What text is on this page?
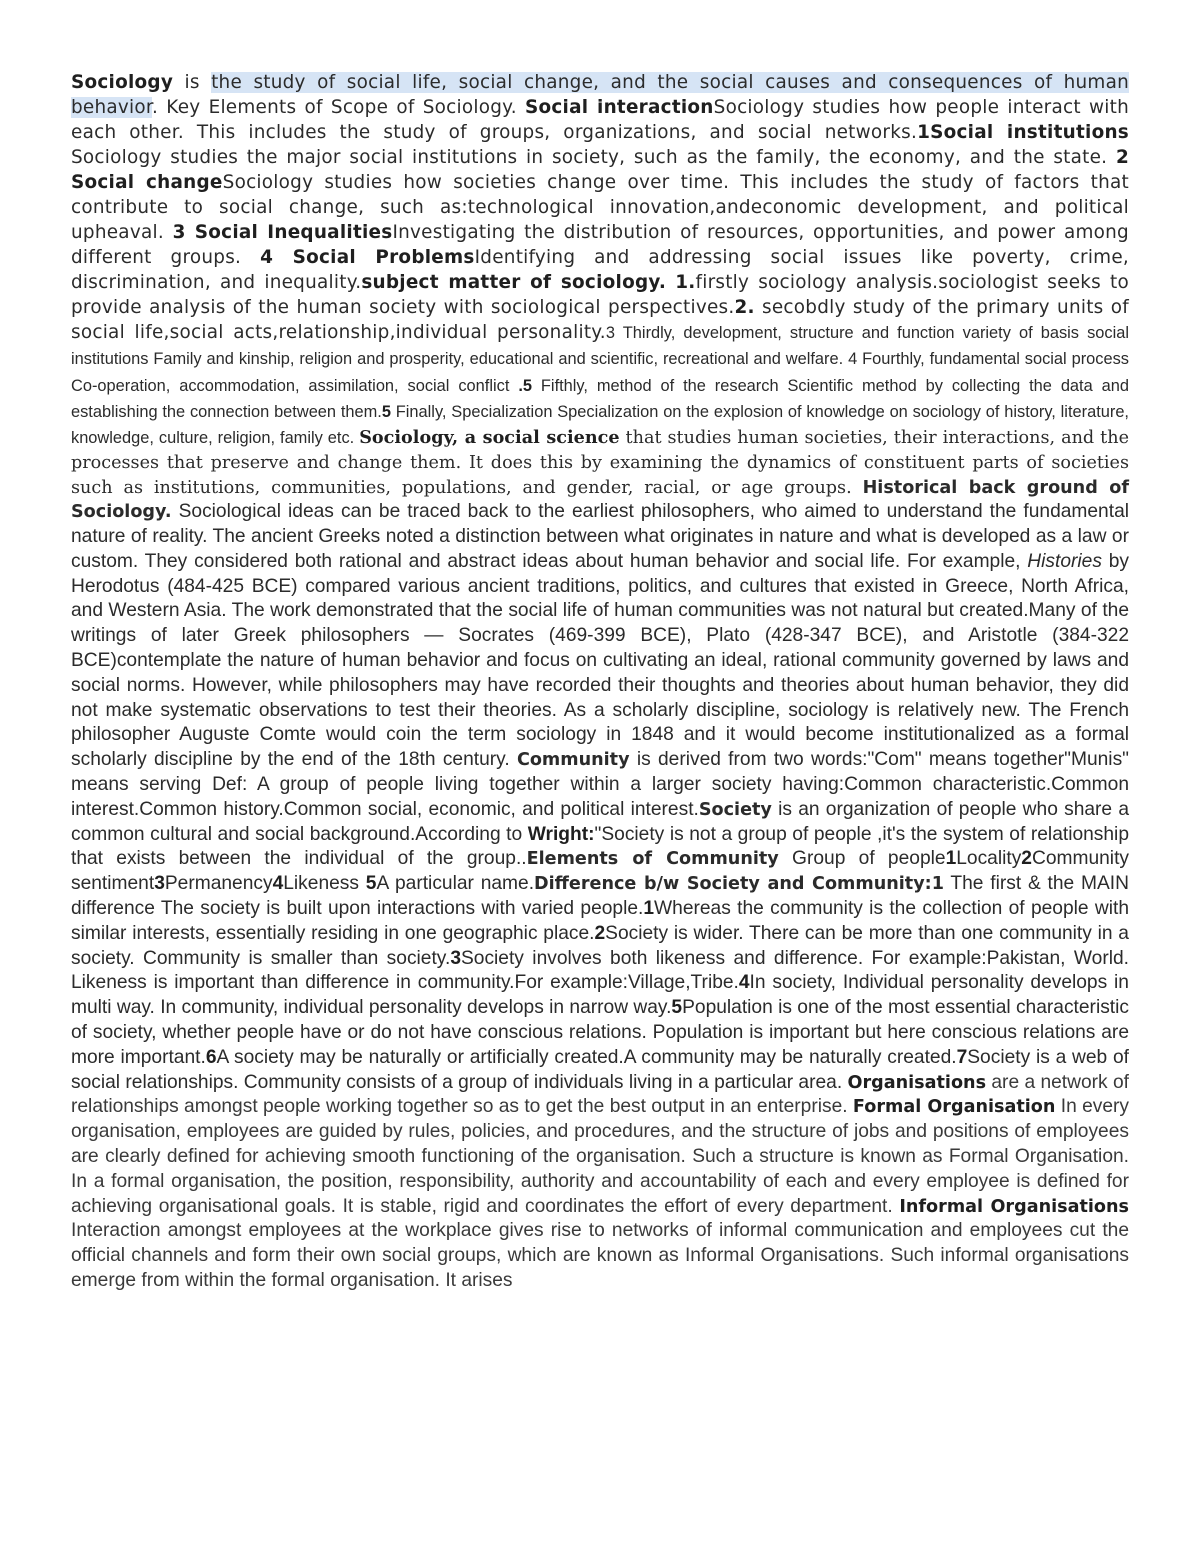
Sociology is the study of social life, social change, and the social causes and consequences of human behavior. Key Elements of Scope of Sociology. Social interactionSociology studies how people interact with each other. This includes the study of groups, organizations, and social networks.1Social institutions Sociology studies the major social institutions in society, such as the family, the economy, and the state. 2 Social changeSociology studies how societies change over time. This includes the study of factors that contribute to social change, such as:technological innovation,andeconomic development, and political upheaval. 3 Social InequalitiesInvestigating the distribution of resources, opportunities, and power among different groups. 4 Social ProblemsIdentifying and addressing social issues like poverty, crime, discrimination, and inequality.subject matter of sociology. 1.firstly sociology analysis.sociologist seeks to provide analysis of the human society with sociological perspectives.2. secobdly study of the primary units of social life,social acts,relationship,individual personality.3 Thirdly, development, structure and function variety of basis social institutions Family and kinship, religion and prosperity, educational and scientific, recreational and welfare. 4 Fourthly, fundamental social process Co-operation, accommodation, assimilation, social conflict .5 Fifthly, method of the research Scientific method by collecting the data and establishing the connection between them.5 Finally, Specialization Specialization on the explosion of knowledge on sociology of history, literature, knowledge, culture, religion, family etc. Sociology, a social science that studies human societies, their interactions, and the processes that preserve and change them. It does this by examining the dynamics of constituent parts of societies such as institutions, communities, populations, and gender, racial, or age groups. Historical back ground of Sociology. Sociological ideas can be traced back to the earliest philosophers, who aimed to understand the fundamental nature of reality. The ancient Greeks noted a distinction between what originates in nature and what is developed as a law or custom. They considered both rational and abstract ideas about human behavior and social life. For example, Histories by Herodotus (484-425 BCE) compared various ancient traditions, politics, and cultures that existed in Greece, North Africa, and Western Asia. The work demonstrated that the social life of human communities was not natural but created.Many of the writings of later Greek philosophers — Socrates (469-399 BCE), Plato (428-347 BCE), and Aristotle (384-322 BCE)contemplate the nature of human behavior and focus on cultivating an ideal, rational community governed by laws and social norms. However, while philosophers may have recorded their thoughts and theories about human behavior, they did not make systematic observations to test their theories. As a scholarly discipline, sociology is relatively new. The French philosopher Auguste Comte would coin the term sociology in 1848 and it would become institutionalized as a formal scholarly discipline by the end of the 18th century. Community is derived from two words:"Com" means together"Munis" means serving Def: A group of people living together within a larger society having:Common characteristic.Common interest.Common history.Common social, economic, and political interest.Society is an organization of people who share a common cultural and social background.According to Wright:"Society is not a group of people ,it's the system of relationship that exists between the individual of the group..Elements of Community Group of people1Locality2Community sentiment3Permanency4Likeness 5A particular name.Difference b/w Society and Community:1 The first & the MAIN difference The society is built upon interactions with varied people.1Whereas the community is the collection of people with similar interests, essentially residing in one geographic place.2Society is wider. There can be more than one community in a society. Community is smaller than society.3Society involves both likeness and difference. For example:Pakistan, World. Likeness is important than difference in community.For example:Village,Tribe.4In society, Individual personality develops in multi way. In community, individual personality develops in narrow way.5Population is one of the most essential characteristic of society, whether people have or do not have conscious relations. Population is important but here conscious relations are more important.6A society may be naturally or artificially created.A community may be naturally created.7Society is a web of social relationships. Community consists of a group of individuals living in a particular area. Organisations are a network of relationships amongst people working together so as to get the best output in an enterprise. Formal Organisation In every organisation, employees are guided by rules, policies, and procedures, and the structure of jobs and positions of employees are clearly defined for achieving smooth functioning of the organisation. Such a structure is known as Formal Organisation. In a formal organisation, the position, responsibility, authority and accountability of each and every employee is defined for achieving organisational goals. It is stable, rigid and coordinates the effort of every department. Informal Organisations Interaction amongst employees at the workplace gives rise to networks of informal communication and employees cut the official channels and form their own social groups, which are known as Informal Organisations. Such informal organisations emerge from within the formal organisation. It arises
